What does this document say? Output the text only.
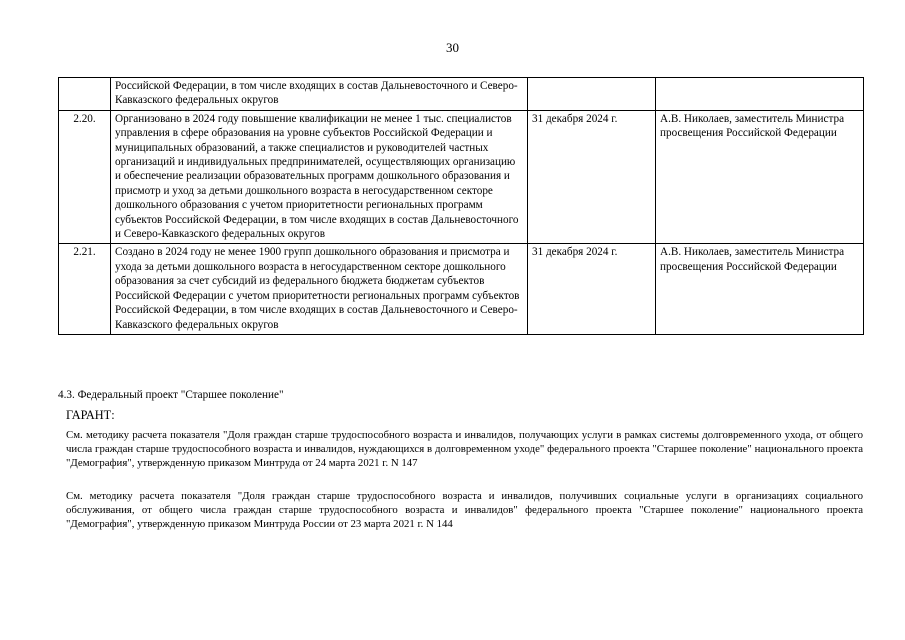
30
	Российской Федерации, в том числе входящих в состав Дальневосточного и Северо-Кавказского федеральных округов		
2.20.	Организовано в 2024 году повышение квалификации не менее 1 тыс. специалистов управления в сфере образования на уровне субъектов Российской Федерации и муниципальных образований, а также специалистов и руководителей частных организаций и индивидуальных предпринимателей, осуществляющих организацию и обеспечение реализации образовательных программ дошкольного образования и присмотр и уход за детьми дошкольного возраста в негосударственном секторе дошкольного образования с учетом приоритетности региональных программ субъектов Российской Федерации, в том числе входящих в состав Дальневосточного и Северо-Кавказского федеральных округов	31 декабря 2024 г.	А.В. Николаев, заместитель Министра просвещения Российской Федерации
2.21.	Создано в 2024 году не менее 1900 групп дошкольного образования и присмотра и ухода за детьми дошкольного возраста в негосударственном секторе дошкольного образования за счет субсидий из федерального бюджета бюджетам субъектов Российской Федерации с учетом приоритетности региональных программ субъектов Российской Федерации, в том числе входящих в состав Дальневосточного и Северо-Кавказского федеральных округов	31 декабря 2024 г.	А.В. Николаев, заместитель Министра просвещения Российской Федерации
4.3. Федеральный проект "Старшее поколение"
ГАРАНТ:
См. методику расчета показателя "Доля граждан старше трудоспособного возраста и инвалидов, получающих услуги в рамках системы долговременного ухода, от общего числа граждан старше трудоспособного возраста и инвалидов, нуждающихся в долговременном уходе" федерального проекта "Старшее поколение" национального проекта "Демография", утвержденную приказом Минтруда от 24 марта 2021 г. N 147
См. методику расчета показателя "Доля граждан старше трудоспособного возраста и инвалидов, получивших социальные услуги в организациях социального обслуживания, от общего числа граждан старше трудоспособного возраста и инвалидов" федерального проекта "Старшее поколение" национального проекта "Демография", утвержденную приказом Минтруда России от 23 марта 2021 г. N 144
